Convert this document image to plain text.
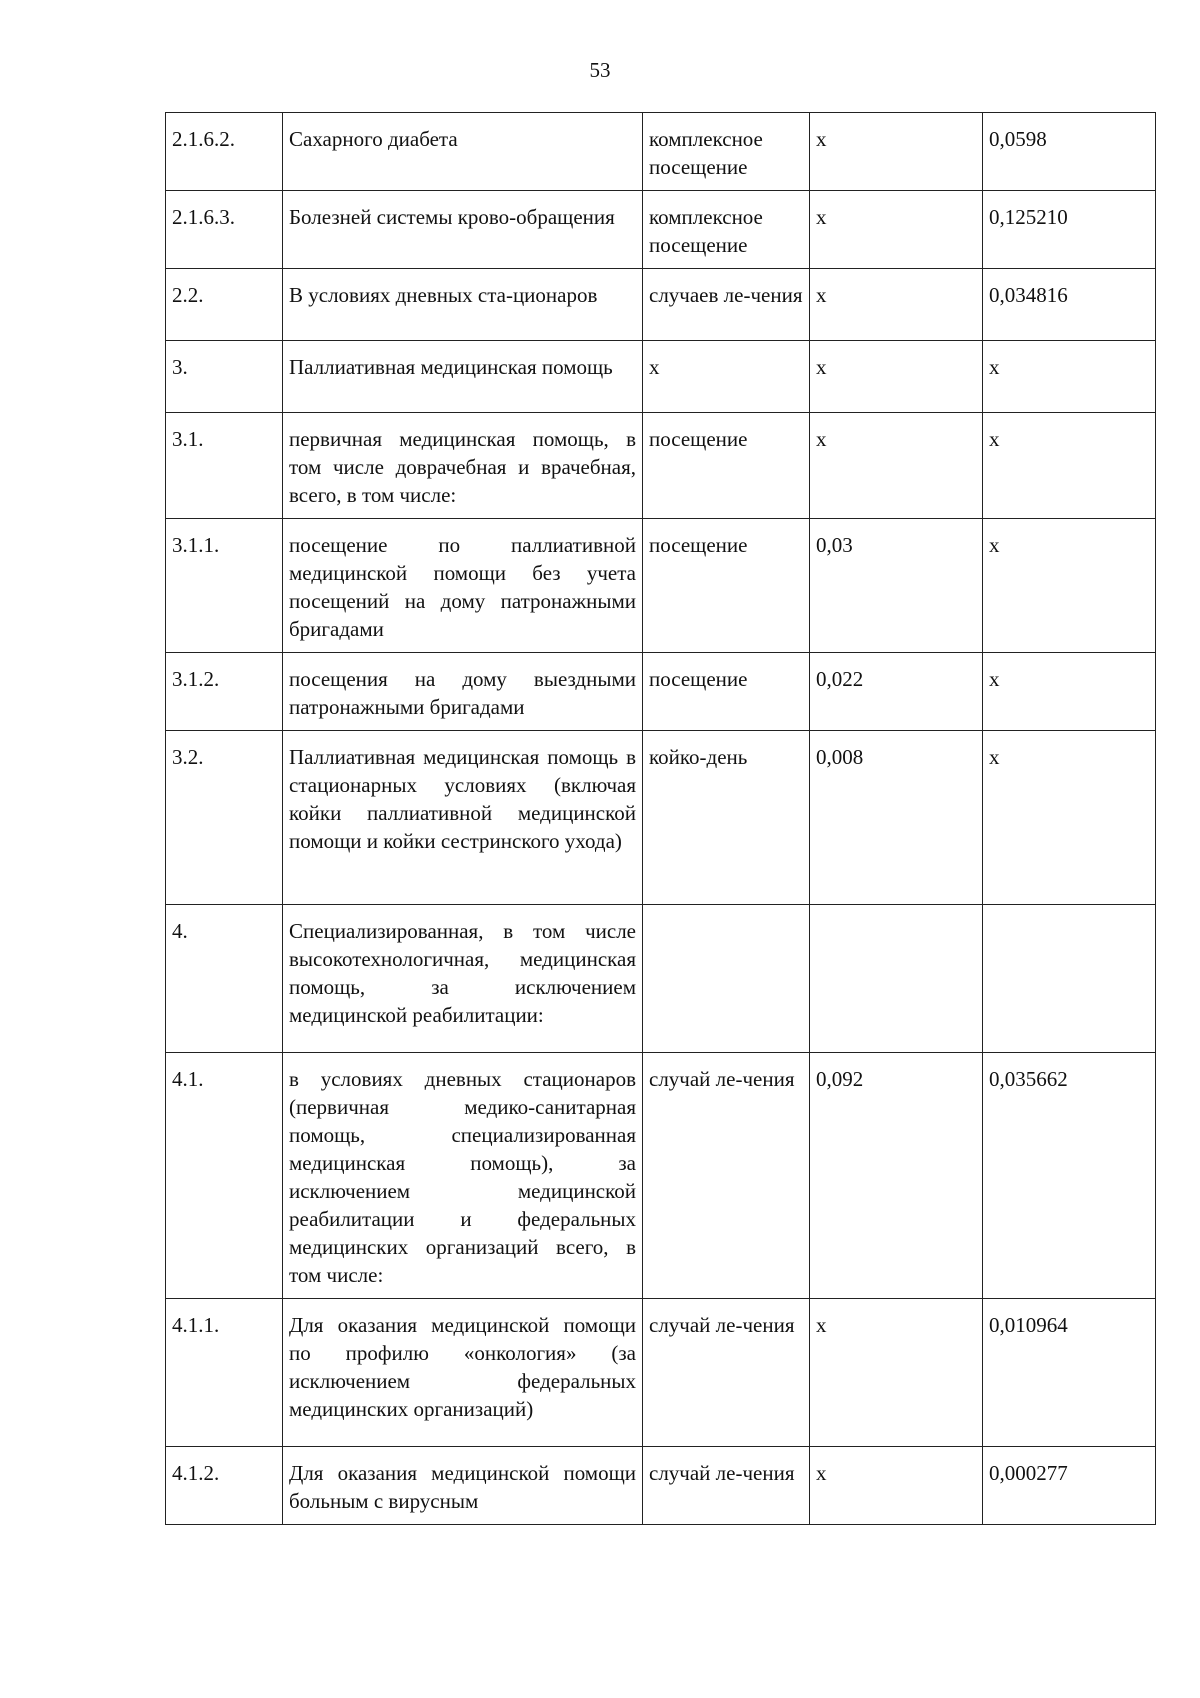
53
2.1.6.2.	Сахарного диабета	комплексное посещение	х	0,0598
2.1.6.3.	Болезней системы крово-обращения	комплексное посещение	х	0,125210
2.2.	В условиях дневных ста-ционаров	случаев ле-чения	х	0,034816
3.	Паллиативная медицинская помощь	х	х	х
3.1.	первичная медицинская помощь, в том числе доврачебная и врачебная, всего, в том числе:	посещение	х	х
3.1.1.	посещение по паллиативной медицинской помощи без учета посещений на дому патронажными бригадами	посещение	0,03	х
3.1.2.	посещения на дому выездными патронажными бригадами	посещение	0,022	х
3.2.	Паллиативная медицинская помощь в стационарных условиях (включая койки паллиативной медицинской помощи и койки сестринского ухода)	койко-день	0,008	х
4.	Специализированная, в том числе высокотехнологичная, медицинская помощь, за исключением медицинской реабилитации:			
4.1.	в условиях дневных стационаров (первичная медико-санитарная помощь, специализированная медицинская помощь), за исключением медицинской реабилитации и федеральных медицинских организаций всего, в том числе:	случай ле-чения	0,092	0,035662
4.1.1.	Для оказания медицинской помощи по профилю «онкология» (за исключением федеральных медицинских организаций)	случай ле-чения	х	0,010964
4.1.2.	Для оказания медицинской помощи больным с вирусным	случай ле-чения	х	0,000277
